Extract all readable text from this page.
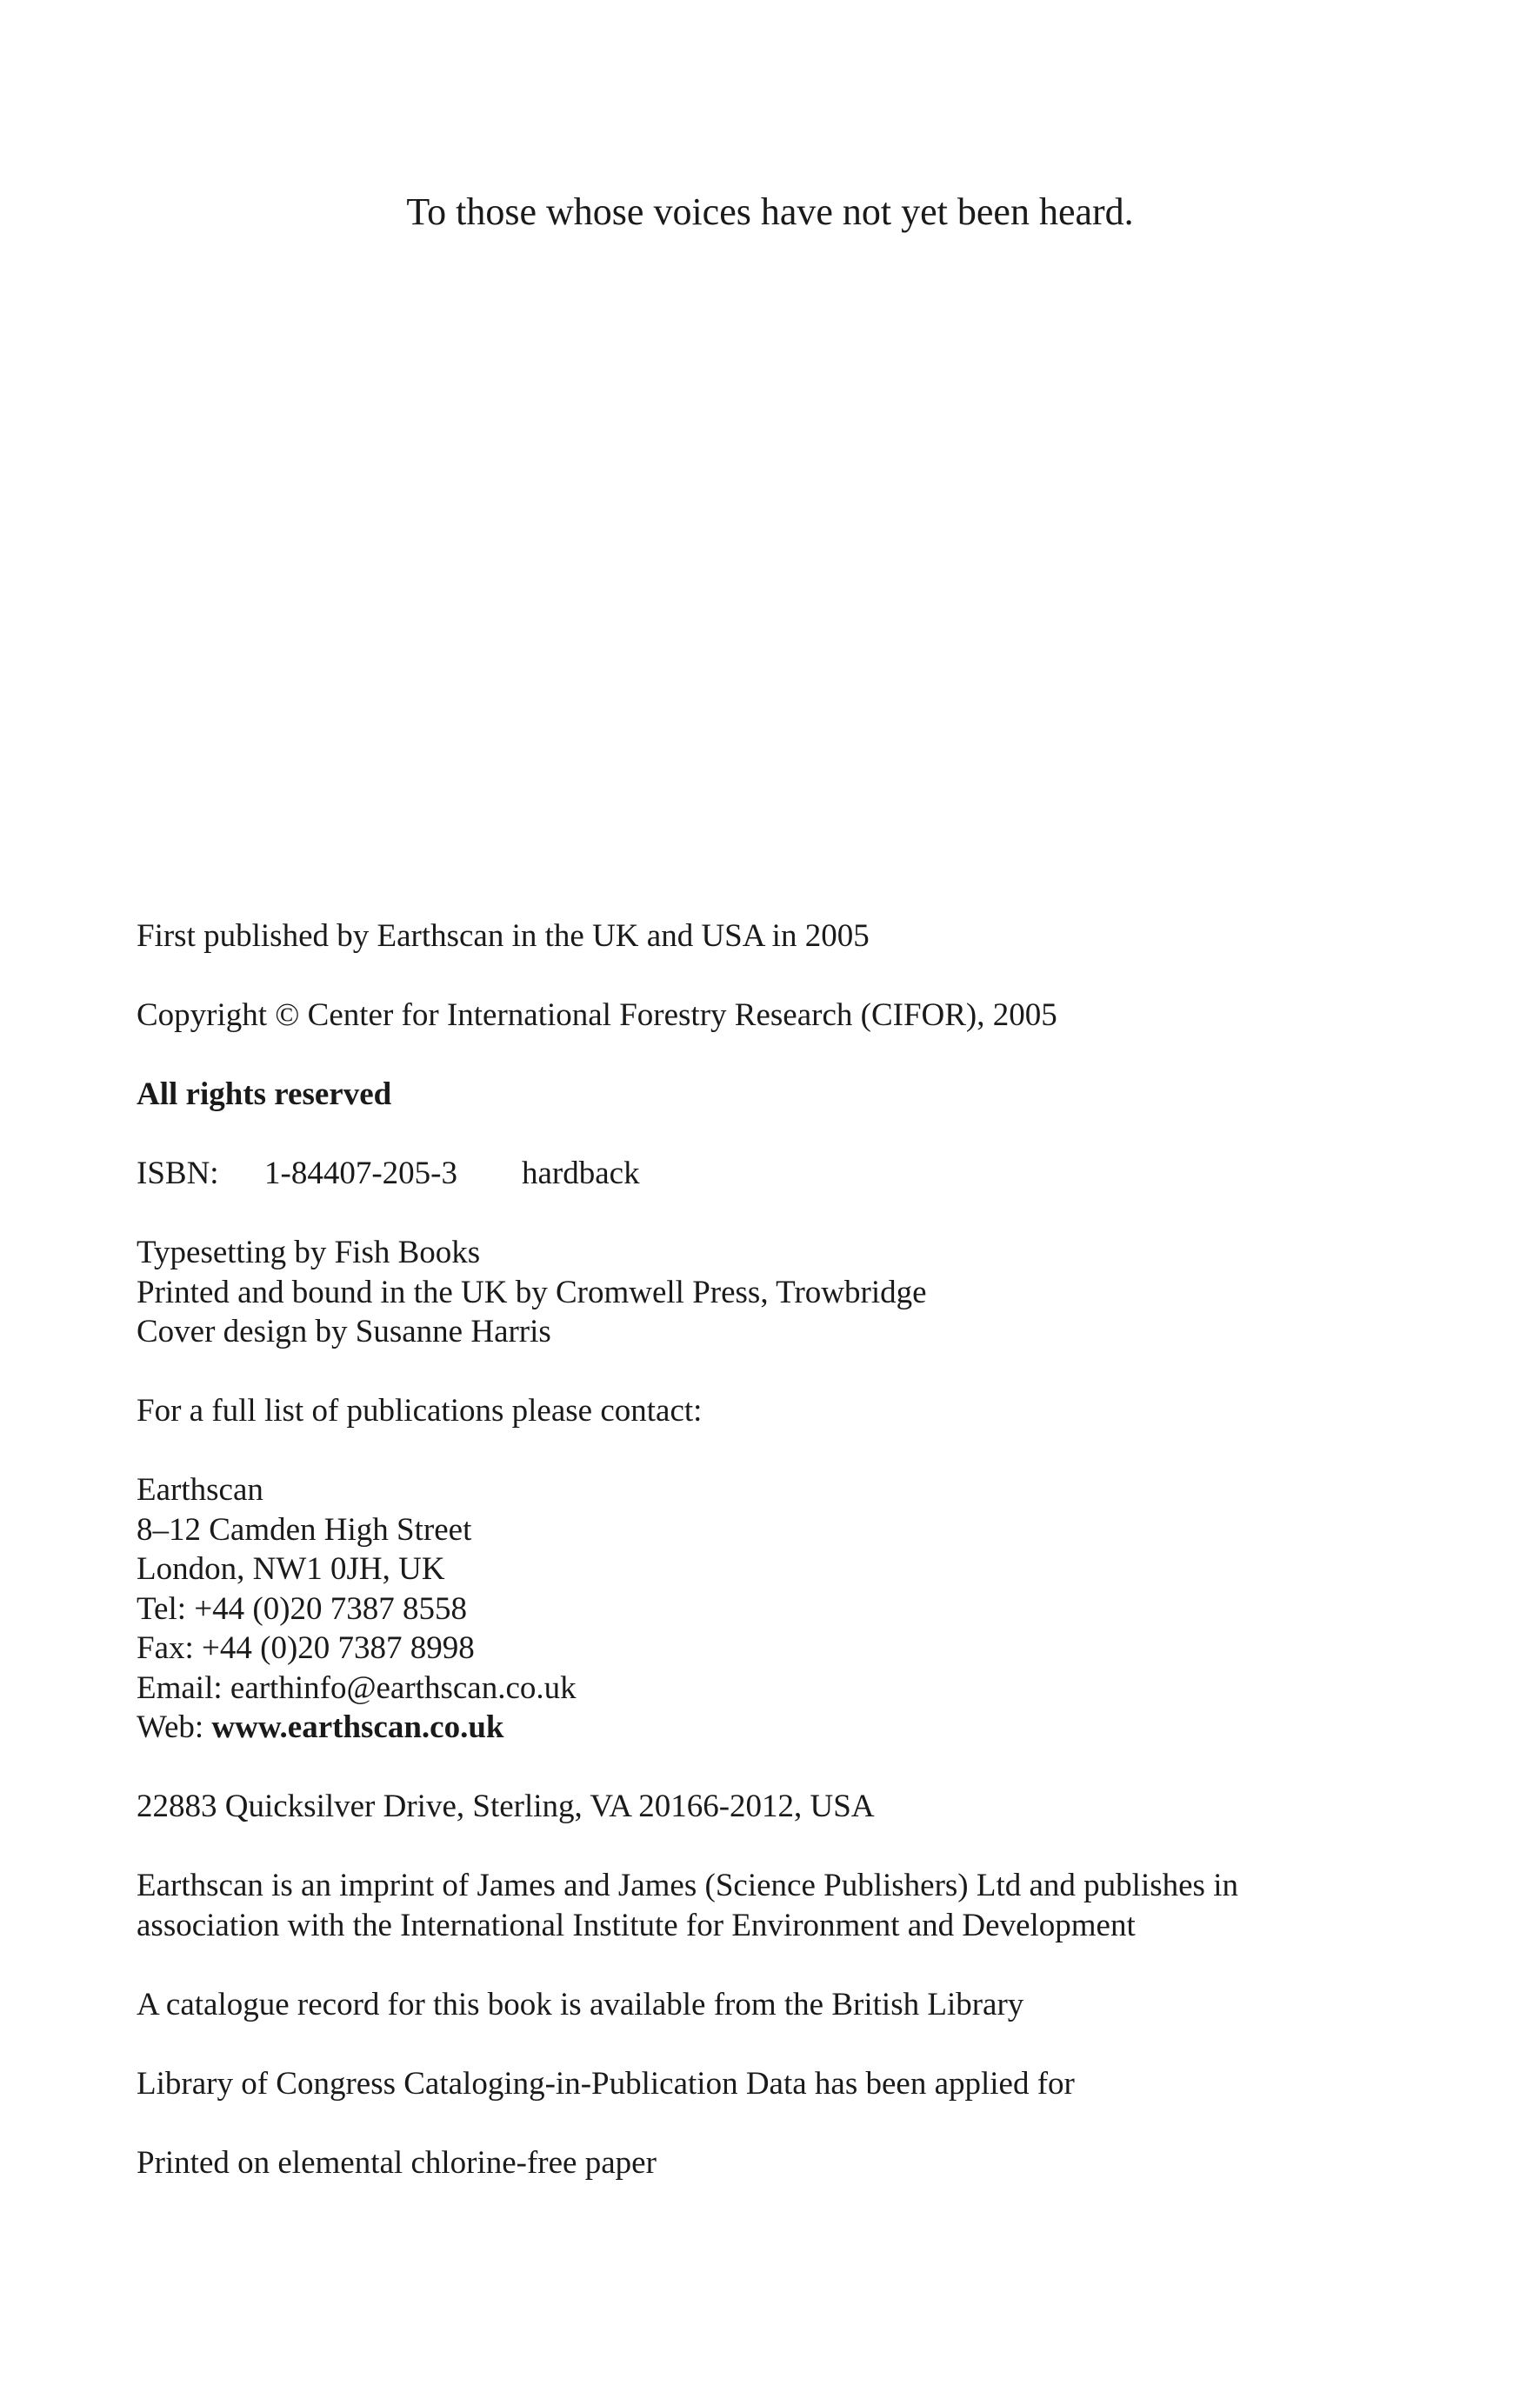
To those whose voices have not yet been heard.

First published by Earthscan in the UK and USA in 2005

Copyright © Center for International Forestry Research (CIFOR), 2005

All rights reserved

ISBN: 1-84407-205-3 hardback

Typesetting by Fish Books

Printed and bound in the UK by Cromwell Press, Trowbridge

Cover design by Susanne Harris

For a full list of publications please contact:

Earthscan

8–12 Camden High Street

London, NW1 0JH, UK

Tel: +44 (0)20 7387 8558

Fax: +44 (0)20 7387 8998

Email: earthinfo@earthscan.co.uk

Web: www.earthscan.co.uk

22883 Quicksilver Drive, Sterling, VA 20166-2012, USA

Earthscan is an imprint of James and James (Science Publishers) Ltd and publishes in

association with the International Institute for Environment and Development

A catalogue record for this book is available from the British Library

Library of Congress Cataloging-in-Publication Data has been applied for

Printed on elemental chlorine-free paper
